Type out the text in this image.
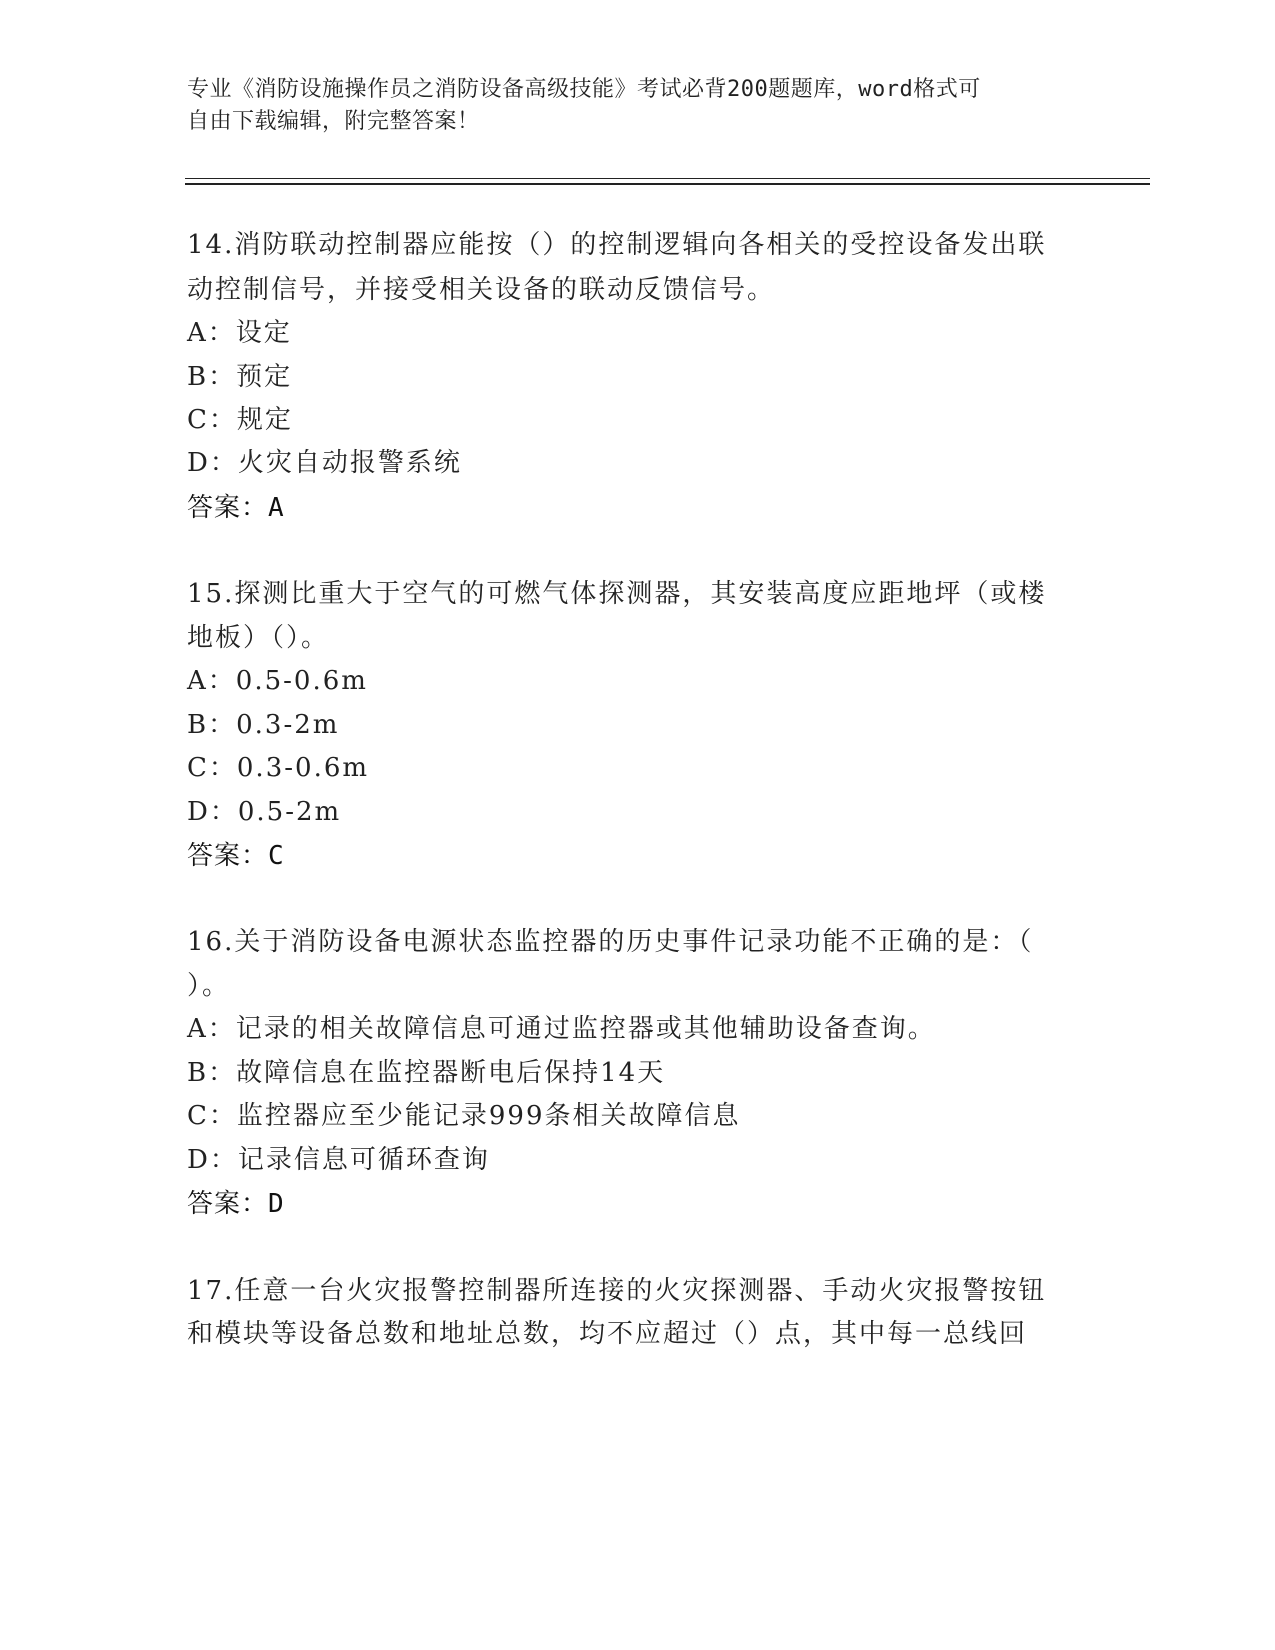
专业《消防设施操作员之消防设备高级技能》考试必背200题题库，word格式可
自由下载编辑，附完整答案！
14.消防联动控制器应能按（）的控制逻辑向各相关的受控设备发出联
动控制信号，并接受相关设备的联动反馈信号。
A：设定
B：预定
C：规定
D：火灾自动报警系统
答案：A
15.探测比重大于空气的可燃气体探测器，其安装高度应距地坪（或楼
地板）（）。
A：0.5-0.6m
B：0.3-2m
C：0.3-0.6m
D：0.5-2m
答案：C
16.关于消防设备电源状态监控器的历史事件记录功能不正确的是：（
）。
A：记录的相关故障信息可通过监控器或其他辅助设备查询。
B：故障信息在监控器断电后保持14天
C：监控器应至少能记录999条相关故障信息
D：记录信息可循环查询
答案：D
17.任意一台火灾报警控制器所连接的火灾探测器、手动火灾报警按钮
和模块等设备总数和地址总数，均不应超过（）点，其中每一总线回
